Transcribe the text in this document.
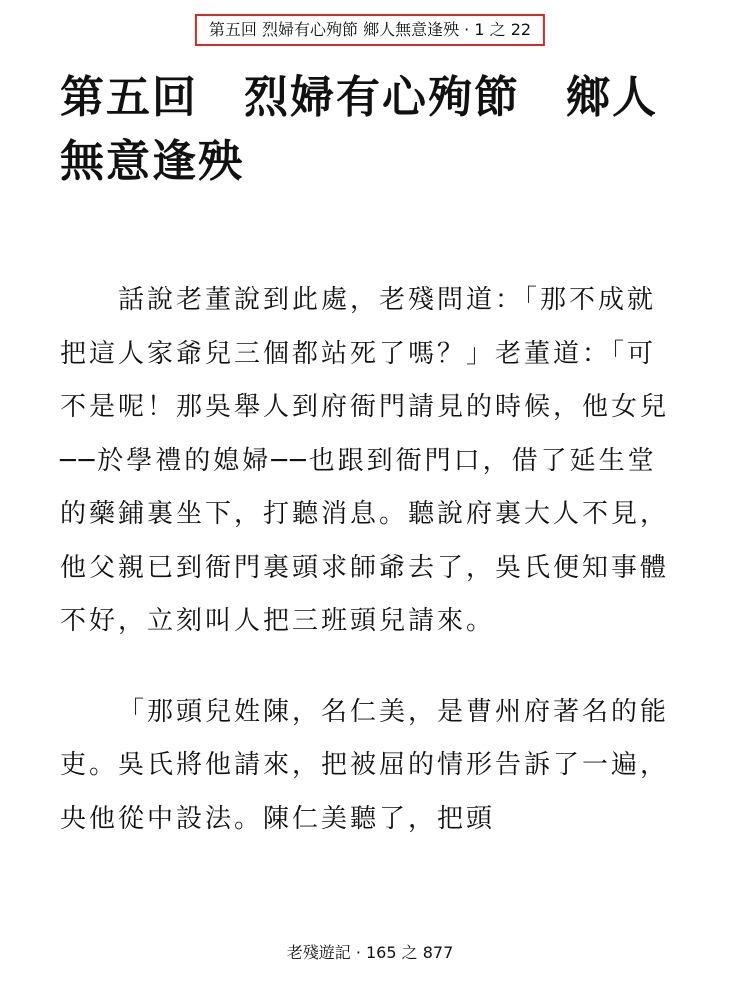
第五回 烈婦有心殉節 鄉人無意逢殃 · 1 之 22
第五回　烈婦有心殉節　鄉人無意逢殃

話說老董說到此處，老殘問道：「那不成就把這人家爺兒三個都站死了嗎？」老董道：「可不是呢！那吳舉人到府衙門請見的時候，他女兒──於學禮的媳婦──也跟到衙門口，借了延生堂的藥鋪裏坐下，打聽消息。聽說府裏大人不見，他父親已到衙門裏頭求師爺去了，吳氏便知事體不好，立刻叫人把三班頭兒請來。

「那頭兒姓陳，名仁美，是曹州府著名的能吏。吳氏將他請來，把被屈的情形告訴了一遍，央他從中設法。陳仁美聽了，把頭

老殘遊記 · 165 之 877
